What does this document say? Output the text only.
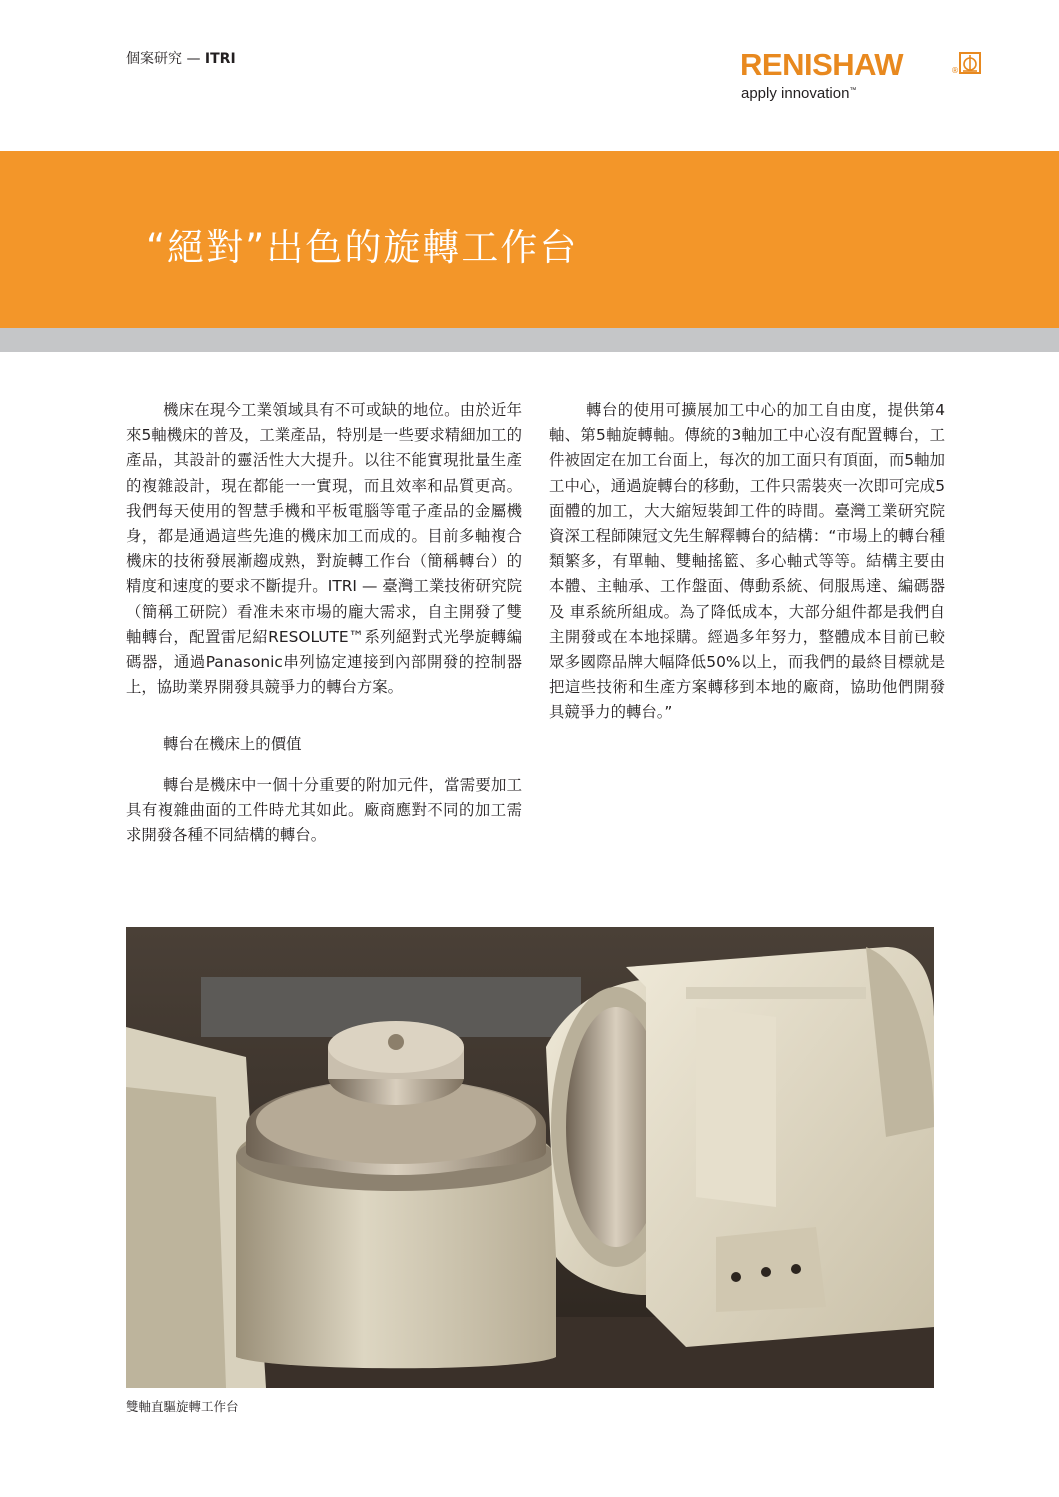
個案研究 — ITRI	RENISHAW	®
apply innovation™
“絕對”出色的旋轉工作台

機床在現今工業領域具有不可或缺的地位。由於近年來5軸機床的普及，工業產品，特別是一些要求精細加工的產品，其設計的靈活性大大提升。以往不能實現批量生產的複雜設計，現在都能一一實現，而且效率和品質更高。我們每天使用的智慧手機和平板電腦等電子產品的金屬機身，都是通過這些先進的機床加工而成的。目前多軸複合機床的技術發展漸趨成熟，對旋轉工作台（簡稱轉台）的精度和速度的要求不斷提升。ITRI — 臺灣工業技術研究院（簡稱工研院）看准未來市場的龐大需求，自主開發了雙軸轉台，配置雷尼紹RESOLUTE™系列絕對式光學旋轉編碼器，通過Panasonic串列協定連接到內部開發的控制器上，協助業界開發具競爭力的轉台方案。

轉台在機床上的價值

轉台是機床中一個十分重要的附加元件，當需要加工具有複雜曲面的工件時尤其如此。廠商應對不同的加工需求開發各種不同結構的轉台。

轉台的使用可擴展加工中心的加工自由度，提供第4軸、第5軸旋轉軸。傳統的3軸加工中心沒有配置轉台，工件被固定在加工台面上，每次的加工面只有頂面，而5軸加工中心，通過旋轉台的移動，工件只需裝夾一次即可完成5面體的加工，大大縮短裝卸工件的時間。臺灣工業研究院資深工程師陳冠文先生解釋轉台的結構：“市場上的轉台種類繁多，有單軸、雙軸搖籃、多心軸式等等。結構主要由本體、主軸承、工作盤面、傳動系統、伺服馬達、編碼器及 車系統所組成。為了降低成本，大部分組件都是我們自主開發或在本地採購。經過多年努力，整體成本目前已較眾多國際品牌大幅降低50%以上，而我們的最終目標就是把這些技術和生產方案轉移到本地的廠商，協助他們開發具競爭力的轉台。”

雙軸直驅旋轉工作台
